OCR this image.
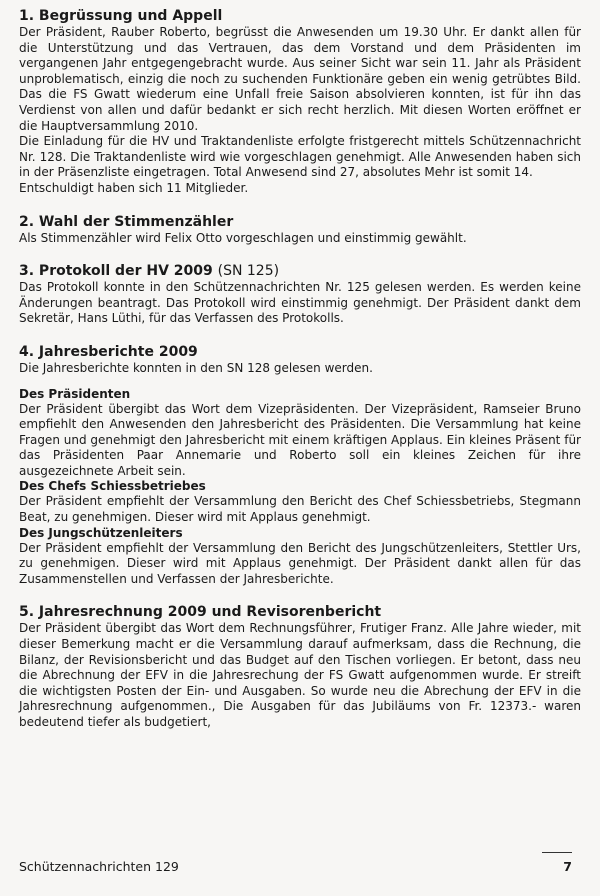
1. Begrüssung und Appell

Der Präsident, Rauber Roberto, begrüsst die Anwesenden um 19.30 Uhr. Er dankt allen für die Unterstützung und das Vertrauen, das dem Vorstand und dem Präsidenten im vergangenen Jahr entgegengebracht wurde. Aus seiner Sicht war sein 11. Jahr als Präsident unproblematisch, einzig die noch zu suchenden Funktionäre geben ein wenig getrübtes Bild. Das die FS Gwatt wiederum eine Unfall freie Saison absolvieren konnten, ist für ihn das Verdienst von allen und dafür bedankt er sich recht herzlich. Mit diesen Worten eröffnet er die Hauptversammlung 2010.

Die Einladung für die HV und Traktandenliste erfolgte fristgerecht mittels Schützennachricht Nr. 128. Die Traktandenliste wird wie vorgeschlagen genehmigt. Alle Anwesenden haben sich in der Präsenzliste eingetragen. Total Anwesend sind 27, absolutes Mehr ist somit 14.

Entschuldigt haben sich 11 Mitglieder.

2. Wahl der Stimmenzähler

Als Stimmenzähler wird Felix Otto vorgeschlagen und einstimmig gewählt.

3. Protokoll der HV 2009 (SN 125)

Das Protokoll konnte in den Schützennachrichten Nr. 125 gelesen werden. Es werden keine Änderungen beantragt. Das Protokoll wird einstimmig genehmigt. Der Präsident dankt dem Sekretär, Hans Lüthi, für das Verfassen des Protokolls.

4. Jahresberichte 2009

Die Jahresberichte konnten in den SN 128 gelesen werden.

Des Präsidenten

Der Präsident übergibt das Wort dem Vizepräsidenten. Der Vizepräsident, Ramseier Bruno empfiehlt den Anwesenden den Jahresbericht des Präsidenten. Die Versammlung hat keine Fragen und genehmigt den Jahresbericht mit einem kräftigen Applaus. Ein kleines Präsent für das Präsidenten Paar Annemarie und Roberto soll ein kleines Zeichen für ihre ausgezeichnete Arbeit sein.

Des Chefs Schiessbetriebes

Der Präsident empfiehlt der Versammlung den Bericht des Chef Schiessbetriebs, Stegmann Beat, zu genehmigen. Dieser wird mit Applaus genehmigt.

Des Jungschützenleiters

Der Präsident empfiehlt der Versammlung den Bericht des Jungschützenleiters, Stettler Urs, zu genehmigen. Dieser wird mit Applaus genehmigt. Der Präsident dankt allen für das Zusammenstellen und Verfassen der Jahresberichte.

5. Jahresrechnung 2009 und Revisorenbericht

Der Präsident übergibt das Wort dem Rechnungsführer, Frutiger Franz. Alle Jahre wieder, mit dieser Bemerkung macht er die Versammlung darauf aufmerksam, dass die Rechnung, die Bilanz, der Revisionsbericht und das Budget auf den Tischen vorliegen. Er betont, dass neu die Abrechnung der EFV in die Jahresrechung der FS Gwatt aufgenommen wurde. Er streift die wichtigsten Posten der Ein- und Ausgaben. So wurde neu die Abrechung der EFV in die Jahresrechnung aufgenommen., Die Ausgaben für das Jubiläums von Fr. 12373.- waren bedeutend tiefer als budgetiert,

Schützennachrichten 129	7
